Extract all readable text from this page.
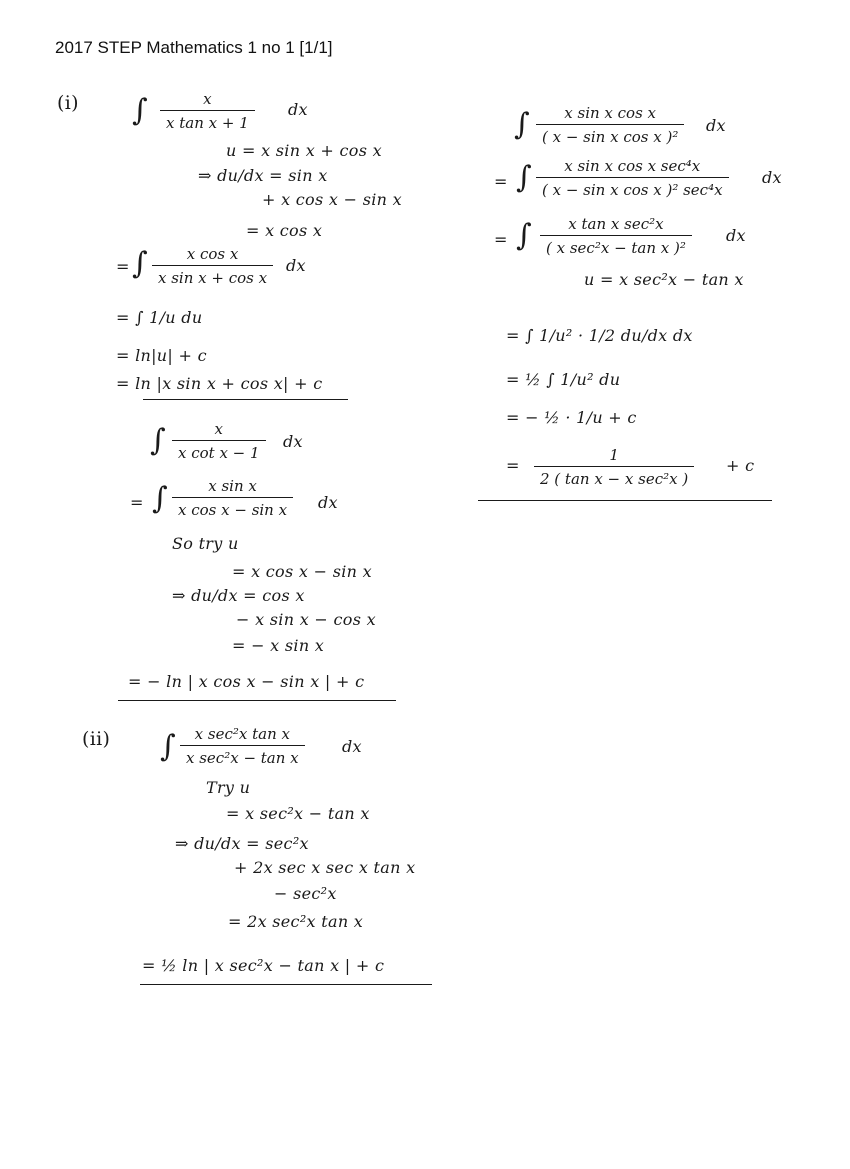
2017 STEP Mathematics 1 no 1 [1/1]
(i) ∫ $\frac{x}{\text{x tan x + 1}}$ dx
u = x sin x + cos x
⇒ du/dx = sin x
+ x cos x − sin x
= x cos x
= ∫ $\frac{\text{x cos x}}{\text{x sin x + cos x}}$ dx
= ∫ 1/u du
= ln|u| + c
= ln |x sin x + cos x| + c
∫ $\frac{x}{\text{x cot x − 1}}$ dx
= ∫ $\frac{\text{x sin x}}{\text{x cos x − sin x}}$ dx
So try u
= x cos x − sin x
⇒ du/dx = cos x
− x sin x − cos x
= − x sin x
= − ln | x cos x − sin x | + c
(ii) ∫	x sec²x tan x
x sec²x − tan x
dx
Try u
= x sec²x − tan x
⇒ du/dx = sec²x
+ 2x sec x sec x tan x
− sec²x
= 2x sec²x tan x
= ½ ln | x sec²x − tan x | + c
∫ $\frac{\text{x sin x cos x}}{\text{( x − sin x cos x )²}}$ dx
= ∫	x sin x cos x sec⁴x
( x − sin x cos x )² sec⁴x
dx
= ∫	x tan x sec²x
( x sec²x − tan x )²
dx
u = x sec²x − tan x
= ∫ 1/u² · 1/2 du/dx dx
= ½ ∫ 1/u² du
= − ½ · 1/u + c
=
1
2 ( tan x − x sec²x )
+ c
